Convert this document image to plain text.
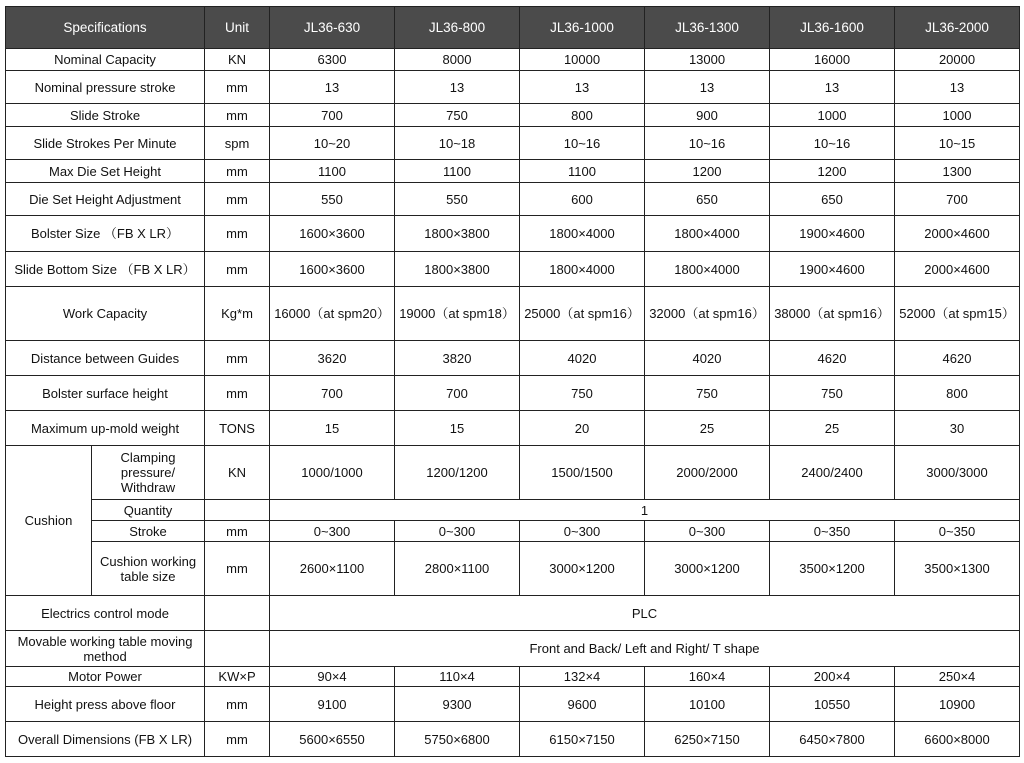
Specifications		Unit	JL36-630	JL36-800	JL36-1000	JL36-1300	JL36-1600	JL36-2000
Nominal Capacity		KN	6300	8000	10000	13000	16000	20000
Nominal pressure stroke		mm	13	13	13	13	13	13
Slide Stroke		mm	700	750	800	900	1000	1000
Slide Strokes Per Minute		spm	10~20	10~18	10~16	10~16	10~16	10~15
Max Die Set Height		mm	1100	1100	1100	1200	1200	1300
Die Set Height Adjustment		mm	550	550	600	650	650	700
Bolster Size （FB X LR）		mm	1600×3600	1800×3800	1800×4000	1800×4000	1900×4600	2000×4600
Slide Bottom Size （FB X LR）		mm	1600×3600	1800×3800	1800×4000	1800×4000	1900×4600	2000×4600
Work Capacity		Kg*m	16000（at spm20）	19000（at spm18）	25000（at spm16）	32000（at spm16）	38000（at spm16）	52000（at spm15）
Distance between Guides		mm	3620	3820	4020	4020	4620	4620
Bolster surface height		mm	700	700	750	750	750	800
Maximum up-mold weight		TONS	15	15	20	25	25	30
Cushion	Clamping pressure/ Withdraw	KN	1000/1000	1200/1200	1500/1500	2000/2000	2400/2400	3000/3000
	Quantity		1					
	Stroke	mm	0~300	0~300	0~300	0~300	0~350	0~350
	Cushion working table size	mm	2600×1100	2800×1100	3000×1200	3000×1200	3500×1200	3500×1300
Electrics control mode			PLC					
Movable working table moving method			Front and Back/ Left and Right/ T shape					
Motor Power		KW×P	90×4	110×4	132×4	160×4	200×4	250×4
Height press above floor		mm	9100	9300	9600	10100	10550	10900
Overall Dimensions (FB X LR)		mm	5600×6550	5750×6800	6150×7150	6250×7150	6450×7800	6600×8000
